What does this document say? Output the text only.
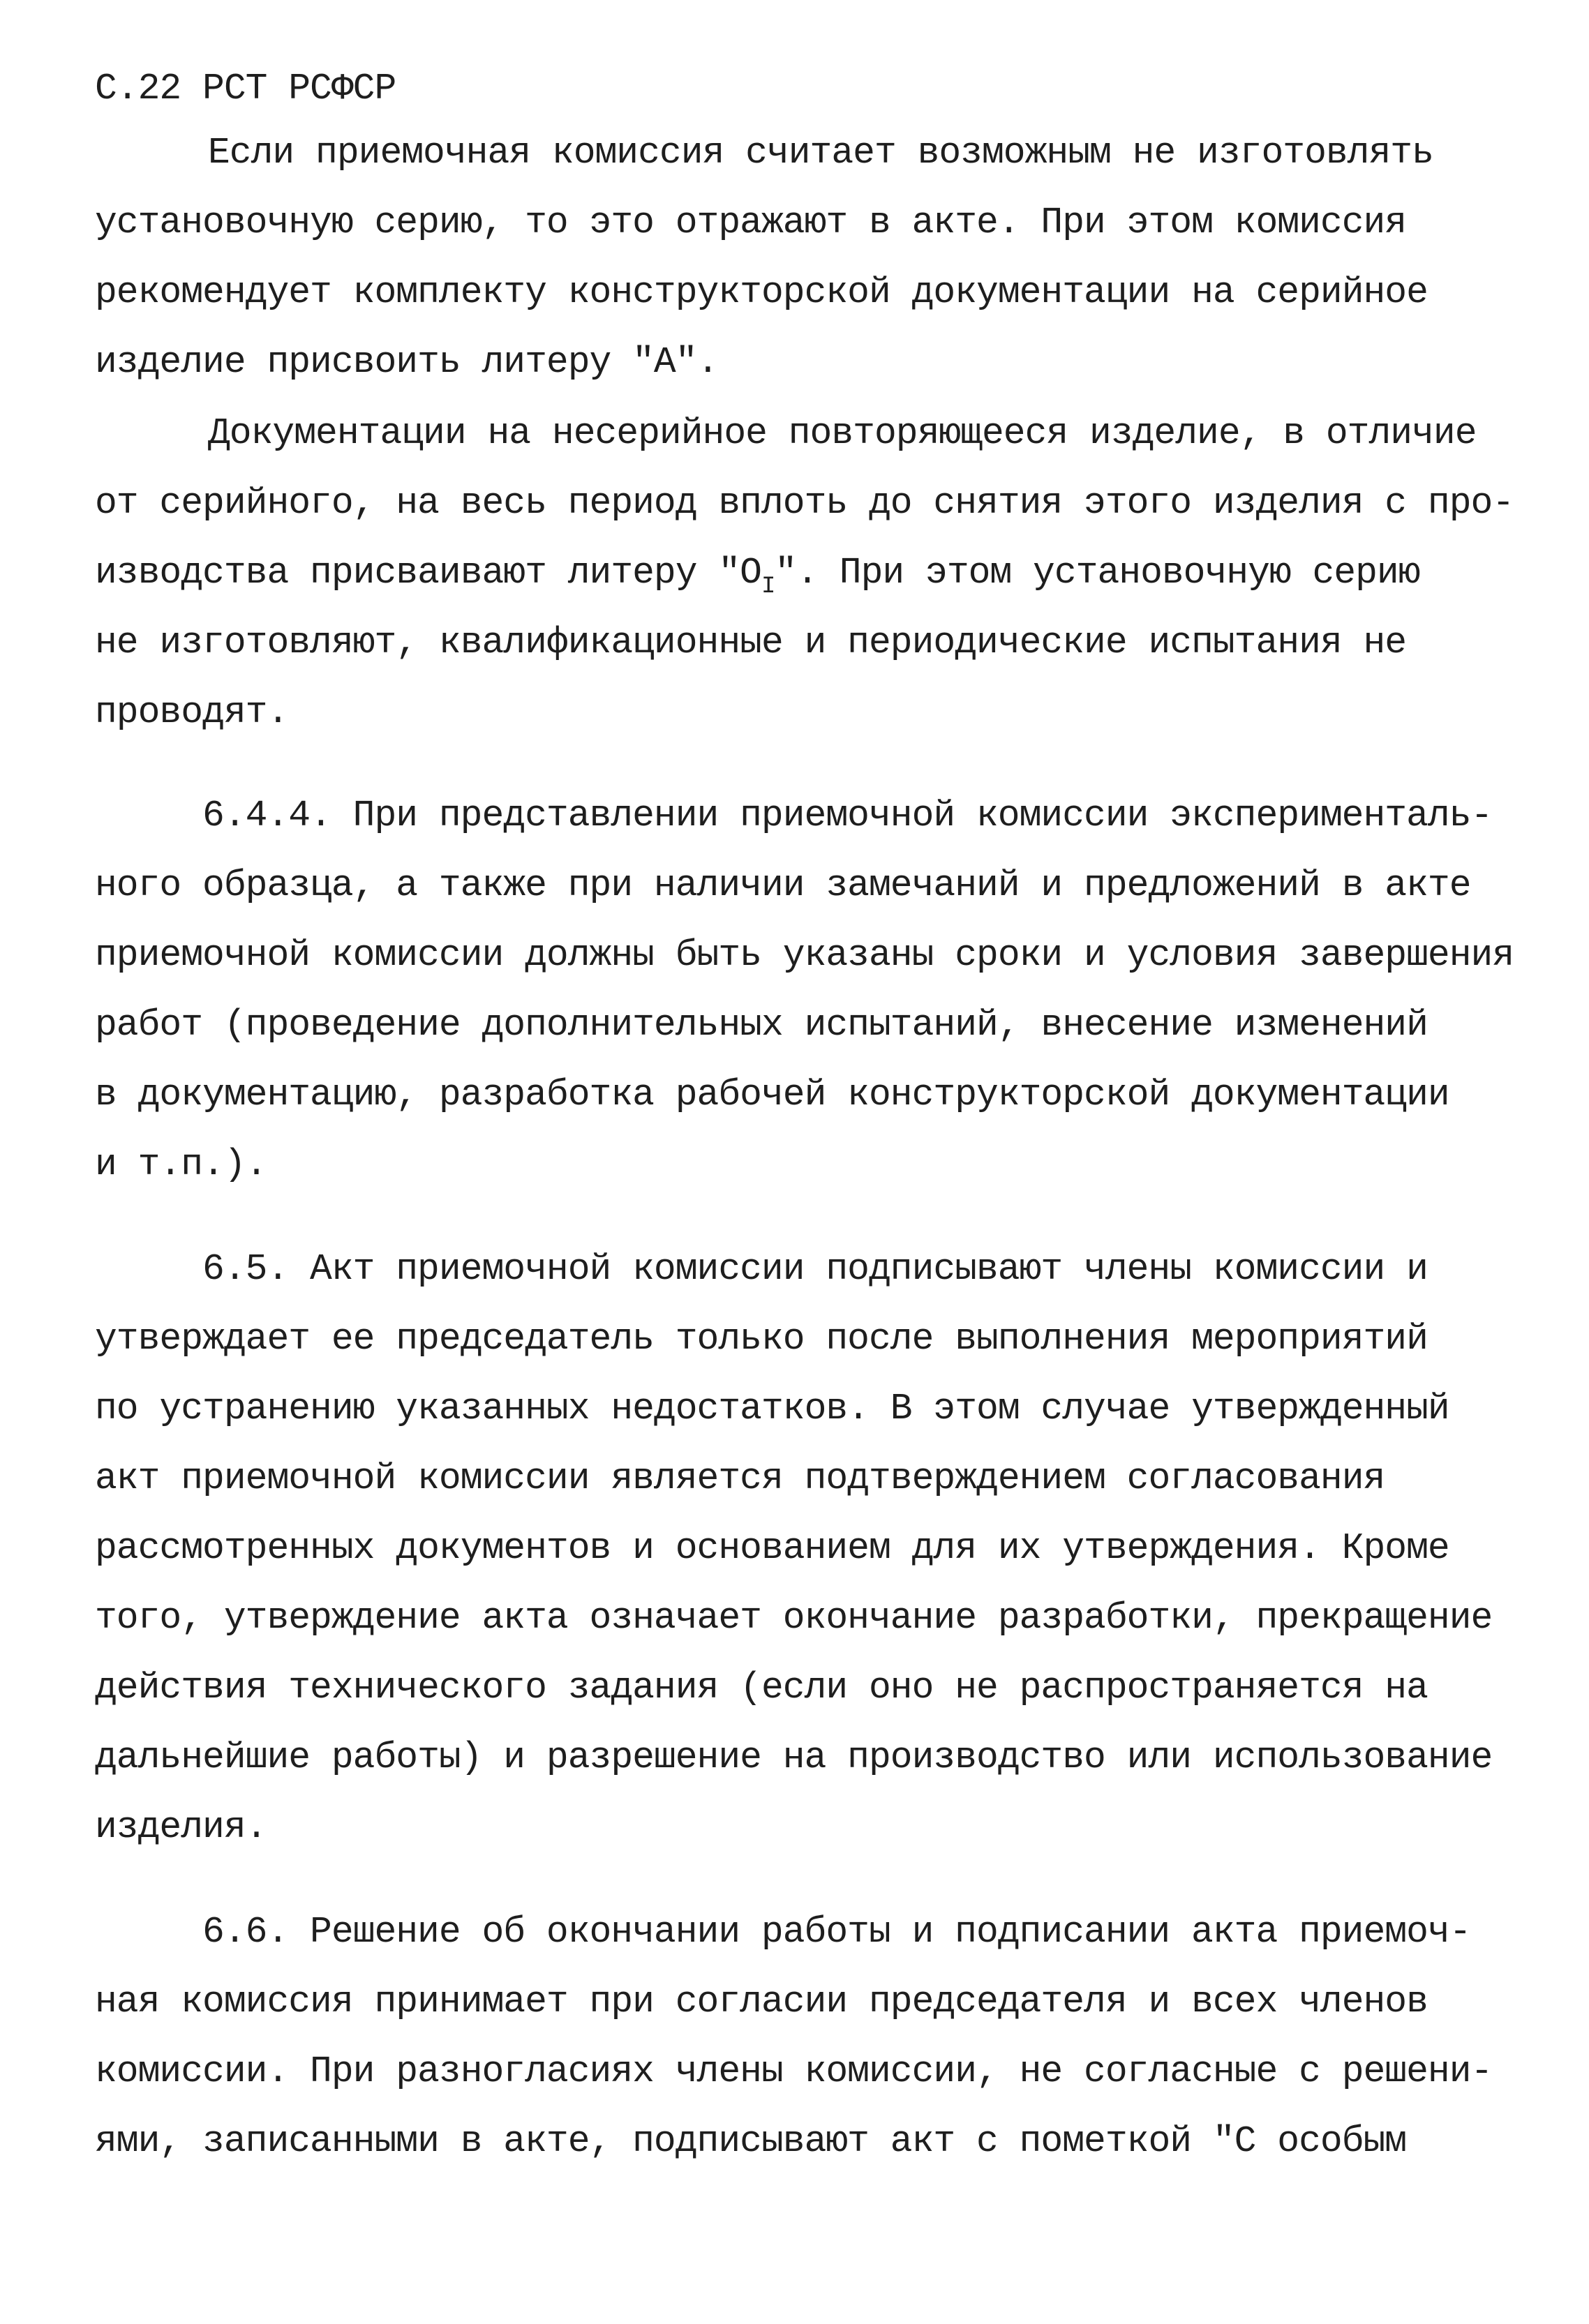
С.22 РСТ РСФСР
Если приемочная комиссия считает возможным не изготовлять
установочную серию, то это отражают в акте. При этом комиссия
рекомендует комплекту конструкторской документации на серийное
изделие присвоить литеру "А".
Документации на несерийное повторяющееся изделие, в отличие
от серийного, на весь период вплоть до снятия этого изделия с про-
изводства присваивают литеру "$О_I$". При этом установочную серию
не изготовляют, квалификационные и периодические испытания не
проводят.
6.4.4. При представлении приемочной комиссии эксперименталь-
ного образца, а также при наличии замечаний и предложений в акте
приемочной комиссии должны быть указаны сроки и условия завершения
работ (проведение дополнительных испытаний, внесение изменений
в документацию, разработка рабочей конструкторской документации
и т.п.).
6.5. Акт приемочной комиссии подписывают члены комиссии и
утверждает ее председатель только после выполнения мероприятий
по устранению указанных недостатков. В этом случае утвержденный
акт приемочной комиссии является подтверждением согласования
рассмотренных документов и основанием для их утверждения. Кроме
того, утверждение акта означает окончание разработки, прекращение
действия технического задания (если оно не распространяется на
дальнейшие работы) и разрешение на производство или использование
изделия.
6.6. Решение об окончании работы и подписании акта приемоч-
ная комиссия принимает при согласии председателя и всех членов
комиссии. При разногласиях члены комиссии, не согласные с решени-
ями, записанными в акте, подписывают акт с пометкой "С особым
